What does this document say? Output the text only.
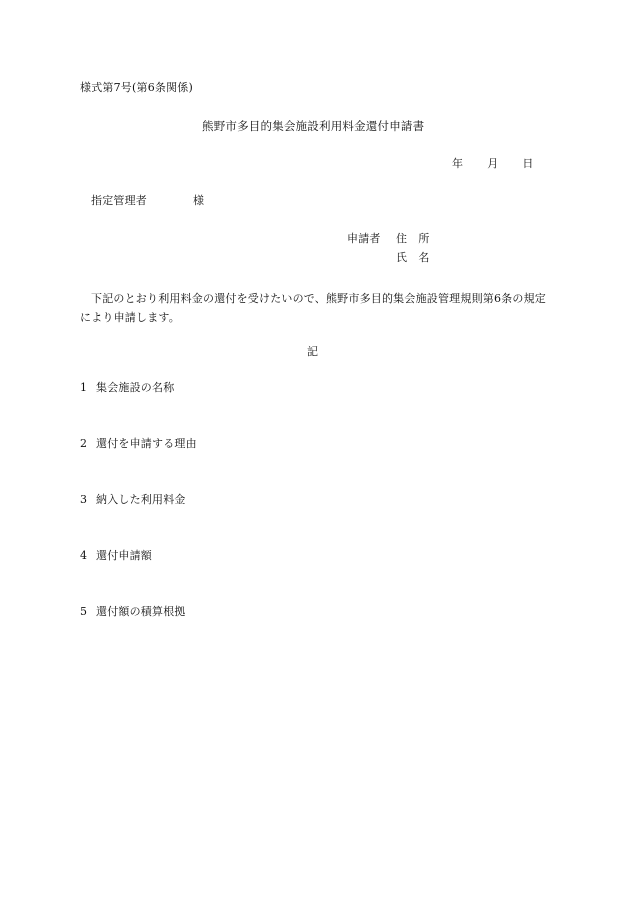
様式第7号(第6条関係)
熊野市多目的集会施設利用料金還付申請書
年 月 日
指定管理者	様
申請者 住　所
氏　名
下記のとおり利用料金の還付を受けたいので、熊野市多目的集会施設管理規則第6条の規定により申請します。
記
1 集会施設の名称
2 還付を申請する理由
3 納入した利用料金
4 還付申請額
5 還付額の積算根拠
